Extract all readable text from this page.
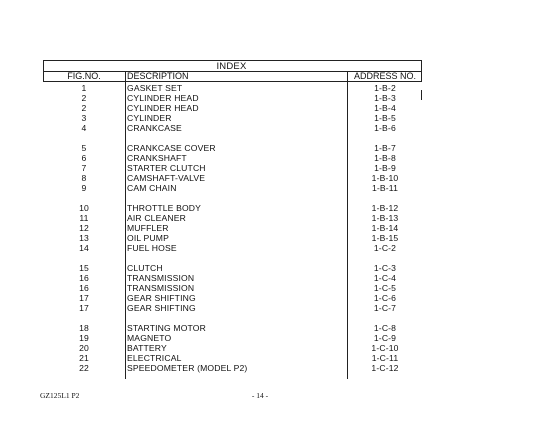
INDEX
FIG.NO.	DESCRIPTION	ADDRESS NO.
1	GASKET SET	1-B-2
2	CYLINDER HEAD	1-B-3
2	CYLINDER HEAD	1-B-4
3	CYLINDER	1-B-5
4	CRANKCASE	1-B-6
5	CRANKCASE COVER	1-B-7
6	CRANKSHAFT	1-B-8
7	STARTER CLUTCH	1-B-9
8	CAMSHAFT-VALVE	1-B-10
9	CAM CHAIN	1-B-11
10	THROTTLE BODY	1-B-12
11	AIR CLEANER	1-B-13
12	MUFFLER	1-B-14
13	OIL PUMP	1-B-15
14	FUEL HOSE	1-C-2
15	CLUTCH	1-C-3
16	TRANSMISSION	1-C-4
16	TRANSMISSION	1-C-5
17	GEAR SHIFTING	1-C-6
17	GEAR SHIFTING	1-C-7
18	STARTING MOTOR	1-C-8
19	MAGNETO	1-C-9
20	BATTERY	1-C-10
21	ELECTRICAL	1-C-11
22	SPEEDOMETER (MODEL P2)	1-C-12
GZ125L1 P2	- 14 -
